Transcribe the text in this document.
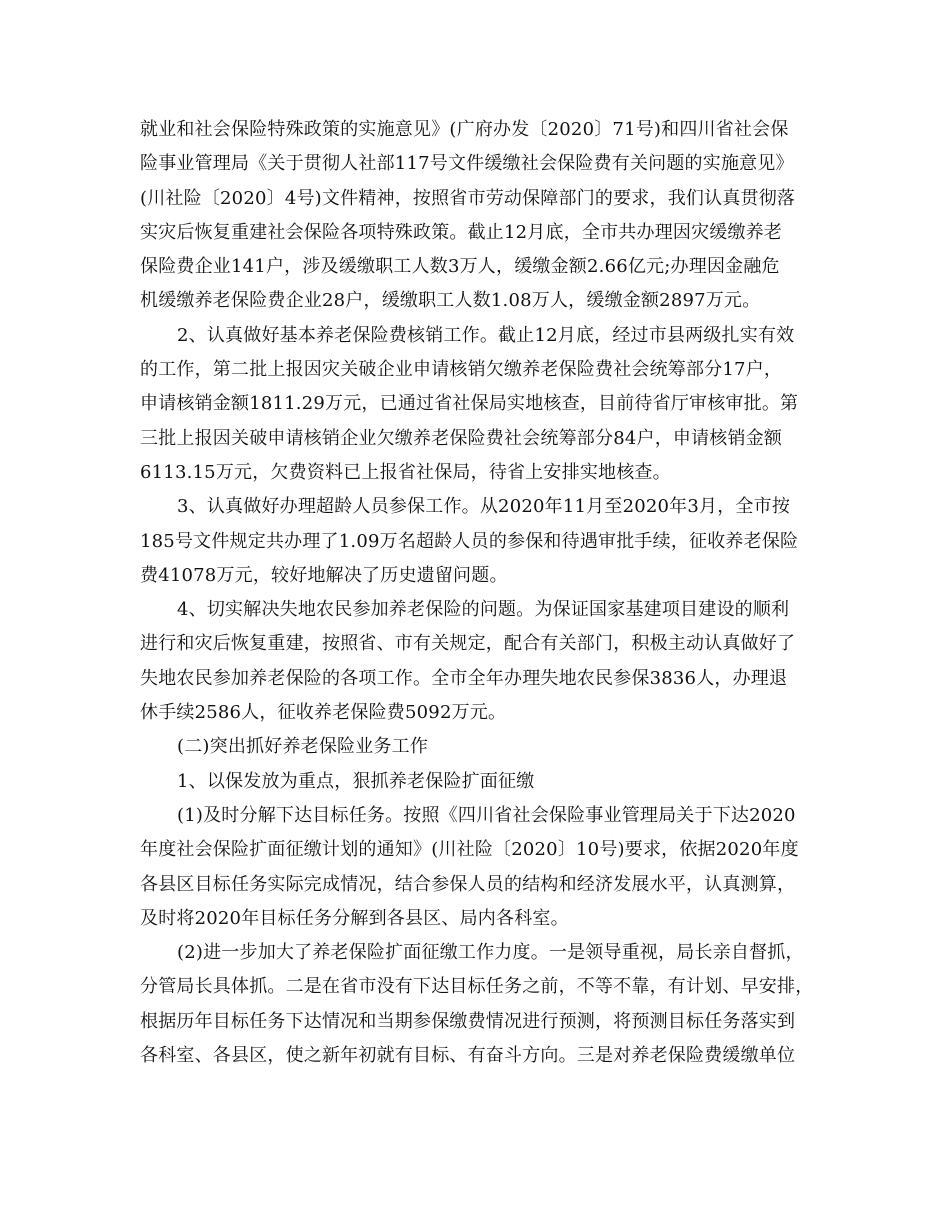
就业和社会保险特殊政策的实施意见》(广府办发〔2020〕71号)和四川省社会保
险事业管理局《关于贯彻人社部117号文件缓缴社会保险费有关问题的实施意见》
(川社险〔2020〕4号)文件精神，按照省市劳动保障部门的要求，我们认真贯彻落
实灾后恢复重建社会保险各项特殊政策。截止12月底，全市共办理因灾缓缴养老
保险费企业141户，涉及缓缴职工人数3万人，缓缴金额2.66亿元;办理因金融危
机缓缴养老保险费企业28户，缓缴职工人数1.08万人，缓缴金额2897万元。
2、认真做好基本养老保险费核销工作。截止12月底，经过市县两级扎实有效
的工作，第二批上报因灾关破企业申请核销欠缴养老保险费社会统筹部分17户，
申请核销金额1811.29万元，已通过省社保局实地核查，目前待省厅审核审批。第
三批上报因关破申请核销企业欠缴养老保险费社会统筹部分84户，申请核销金额
6113.15万元，欠费资料已上报省社保局，待省上安排实地核查。
3、认真做好办理超龄人员参保工作。从2020年11月至2020年3月，全市按
185号文件规定共办理了1.09万名超龄人员的参保和待遇审批手续，征收养老保险
费41078万元，较好地解决了历史遗留问题。
4、切实解决失地农民参加养老保险的问题。为保证国家基建项目建设的顺利
进行和灾后恢复重建，按照省、市有关规定，配合有关部门，积极主动认真做好了
失地农民参加养老保险的各项工作。全市全年办理失地农民参保3836人，办理退
休手续2586人，征收养老保险费5092万元。
(二)突出抓好养老保险业务工作
1、以保发放为重点，狠抓养老保险扩面征缴
(1)及时分解下达目标任务。按照《四川省社会保险事业管理局关于下达2020
年度社会保险扩面征缴计划的通知》(川社险〔2020〕10号)要求，依据2020年度
各县区目标任务实际完成情况，结合参保人员的结构和经济发展水平，认真测算，
及时将2020年目标任务分解到各县区、局内各科室。
(2)进一步加大了养老保险扩面征缴工作力度。一是领导重视，局长亲自督抓，
分管局长具体抓。二是在省市没有下达目标任务之前，不等不靠，有计划、早安排，
根据历年目标任务下达情况和当期参保缴费情况进行预测，将预测目标任务落实到
各科室、各县区，使之新年初就有目标、有奋斗方向。三是对养老保险费缓缴单位
